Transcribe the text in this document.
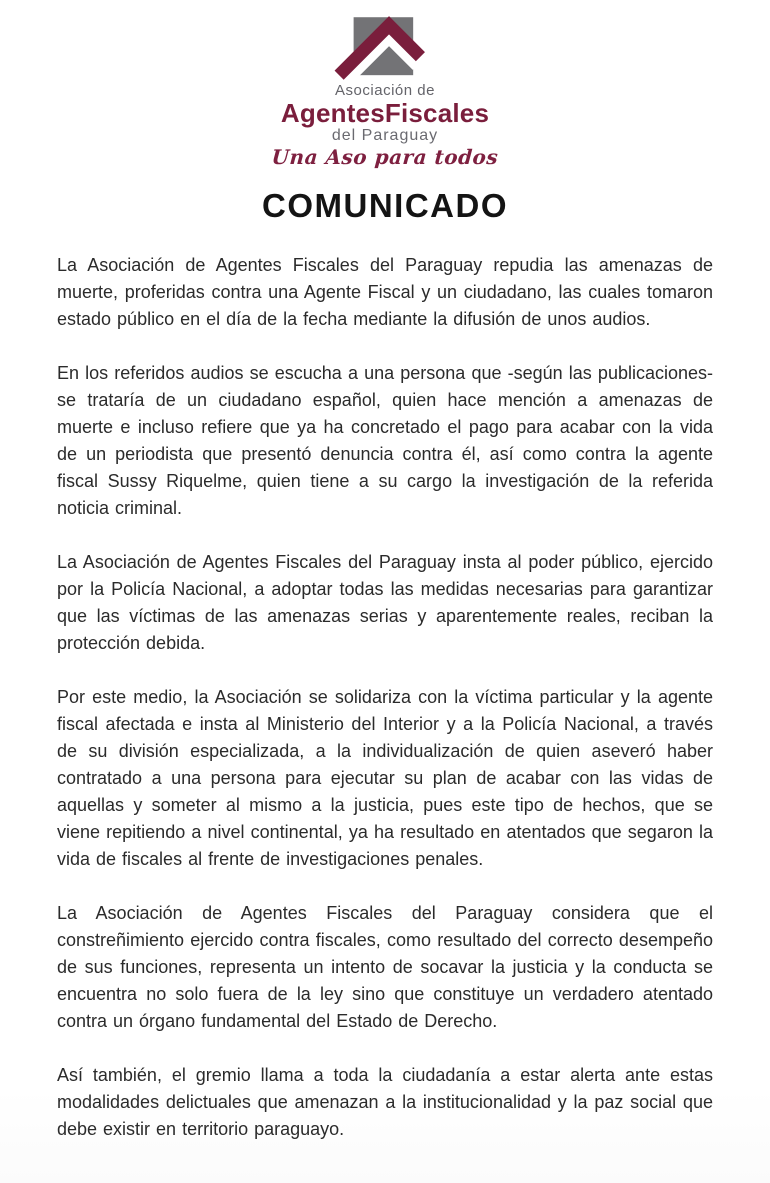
Asociación de
AgentesFiscales
del Paraguay
Una Aso para todos
COMUNICADO

La Asociación de Agentes Fiscales del Paraguay repudia las amenazas de muerte, proferidas contra una Agente Fiscal y un ciudadano, las cuales tomaron estado público en el día de la fecha mediante la difusión de unos audios.

En los referidos audios se escucha a una persona que -según las publicaciones- se trataría de un ciudadano español, quien hace mención a amenazas de muerte e incluso refiere que ya ha concretado el pago para acabar con la vida de un periodista que presentó denuncia contra él, así como contra la agente fiscal Sussy Riquelme, quien tiene a su cargo la investigación de la referida noticia criminal.

La Asociación de Agentes Fiscales del Paraguay insta al poder público, ejercido por la Policía Nacional, a adoptar todas las medidas necesarias para garantizar que las víctimas de las amenazas serias y aparentemente reales, reciban la protección debida.

Por este medio, la Asociación se solidariza con la víctima particular y la agente fiscal afectada e insta al Ministerio del Interior y a la Policía Nacional, a través de su división especializada, a la individualización de quien aseveró haber contratado a una persona para ejecutar su plan de acabar con las vidas de aquellas y someter al mismo a la justicia, pues este tipo de hechos, que se viene repitiendo a nivel continental, ya ha resultado en atentados que segaron la vida de fiscales al frente de investigaciones penales.

La Asociación de Agentes Fiscales del Paraguay considera que el constreñimiento ejercido contra fiscales, como resultado del correcto desempeño de sus funciones, representa un intento de socavar la justicia y la conducta se encuentra no solo fuera de la ley sino que constituye un verdadero atentado contra un órgano fundamental del Estado de Derecho.

Así también, el gremio llama a toda la ciudadanía a estar alerta ante estas modalidades delictuales que amenazan a la institucionalidad y la paz social que debe existir en territorio paraguayo.
